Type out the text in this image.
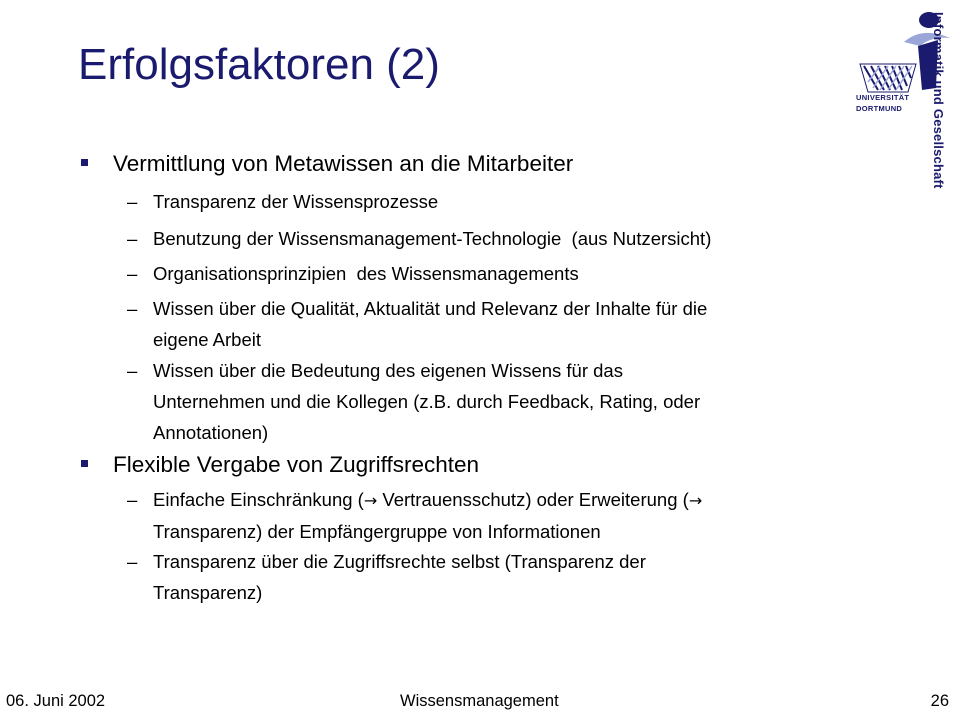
Erfolgsfaktoren (2)
UNIVERSITÄT
DORTMUND	Informatik und Gesellschaft
Vermittlung von Metawissen an die Mitarbeiter
– Transparenz der Wissensprozesse
– Benutzung der Wissensmanagement-Technologie  (aus Nutzersicht)
– Organisationsprinzipien  des Wissensmanagements
– Wissen über die Qualität, Aktualität und Relevanz der Inhalte für die
eigene Arbeit
– Wissen über die Bedeutung des eigenen Wissens für das
Unternehmen und die Kollegen (z.B. durch Feedback, Rating, oder
Annotationen)
Flexible Vergabe von Zugriffsrechten
– Einfache Einschränkung (→ Vertrauensschutz) oder Erweiterung (→
Transparenz) der Empfängergruppe von Informationen
– Transparenz über die Zugriffsrechte selbst (Transparenz der
Transparenz)
06. Juni 2002	Wissensmanagement	26
